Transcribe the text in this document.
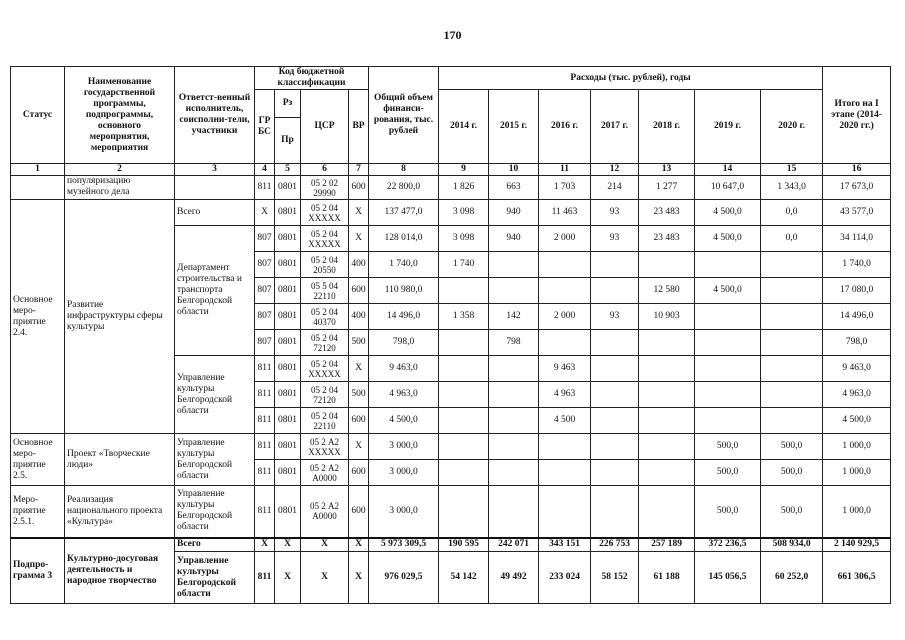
170
Статус	Наименование государственной программы, подпрограммы, основного мероприятия, мероприятия	Ответст-венный исполнитель, соисполни-тели, участники	Код бюджетной классификации				Общий объем финанси-рования, тыс. рублей	Расходы (тыс. рублей), годы							Итого на I этапе (2014-2020 гг.)
			ГР БС	Рз	ЦСР	ВР		2014 г.	2015 г.	2016 г.	2017 г.	2018 г.	2019 г.	2020 г.	
				Пр											
1	2	3	4	5	6	7	8	9	10	11	12	13	14	15	16
	популяризацию музейного дела		811	0801	05 2 02 29990	600	22 800,0	1 826	663	1 703	214	1 277	10 647,0	1 343,0	17 673,0
Основное меро-приятие 2.4.	Развитие инфраструктуры сферы культуры	Всего	Х	0801	05 2 04 ХХХХХ	Х	137 477,0	3 098	940	11 463	93	23 483	4 500,0	0,0	43 577,0
		Департамент строительства и транспорта Белгородской области	807	0801	05 2 04 ХХХХХ	Х	128 014,0	3 098	940	2 000	93	23 483	4 500,0	0,0	34 114,0
			807	0801	05 2 04 20550	400	1 740,0	1 740							1 740,0
			807	0801	05 5 04 22110	600	110 980,0					12 580	4 500,0		17 080,0
			807	0801	05 2 04 40370	400	14 496,0	1 358	142	2 000	93	10 903			14 496,0
			807	0801	05 2 04 72120	500	798,0		798						798,0
		Управление культуры Белгородской области	811	0801	05 2 04 ХХХХХ	Х	9 463,0			9 463					9 463,0
			811	0801	05 2 04 72120	500	4 963,0			4 963					4 963,0
			811	0801	05 2 04 22110	600	4 500,0			4 500					4 500,0
Основное меро-приятие 2.5.	Проект «Творческие люди»	Управление культуры Белгородской области	811	0801	05 2 А2 ХХХХХ	Х	3 000,0						500,0	500,0	1 000,0
			811	0801	05 2 А2 А0000	600	3 000,0						500,0	500,0	1 000,0
Меро-приятие 2.5.1.	Реализация национального проекта «Культура»	Управление культуры Белгородской области	811	0801	05 2 А2 А0000	600	3 000,0						500,0	500,0	1 000,0
Подпро-грамма 3	Культурно-досуговая деятельность и народное творчество	Всего	Х	Х	Х	Х	5 973 309,5	190 595	242 071	343 151	226 753	257 189	372 236,5	508 934,0	2 140 929,5
		Управление культуры Белгородской области	811	Х	Х	Х	976 029,5	54 142	49 492	233 024	58 152	61 188	145 056,5	60 252,0	661 306,5
